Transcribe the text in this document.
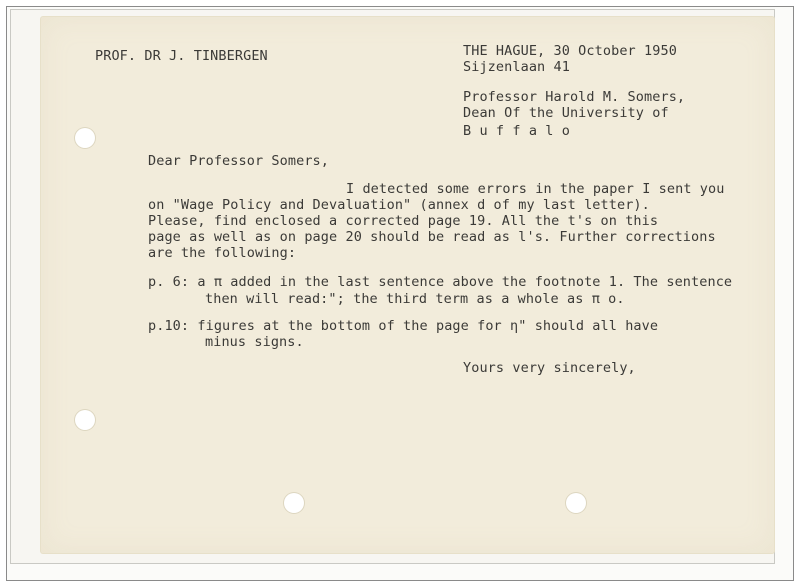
PROF. DR J. TINBERGEN	THE HAGUE, 30 October 1950

Sijzenlaan 41

Professor Harold M. Somers,

Dean Of the University of

B u f f a l o

Dear Professor Somers,

I detected some errors in the paper I sent you

on "Wage Policy and Devaluation" (annex d of my last letter).

Please, find enclosed a corrected page 19. All the t's on this

page as well as on page 20 should be read as l's. Further corrections

are the following:

p. 6: a π added in the last sentence above the footnote 1. The sentence

then will read:"; the third term as a whole as π o.

p.10: figures at the bottom of the page for η" should all have

minus signs.

Yours very sincerely,
